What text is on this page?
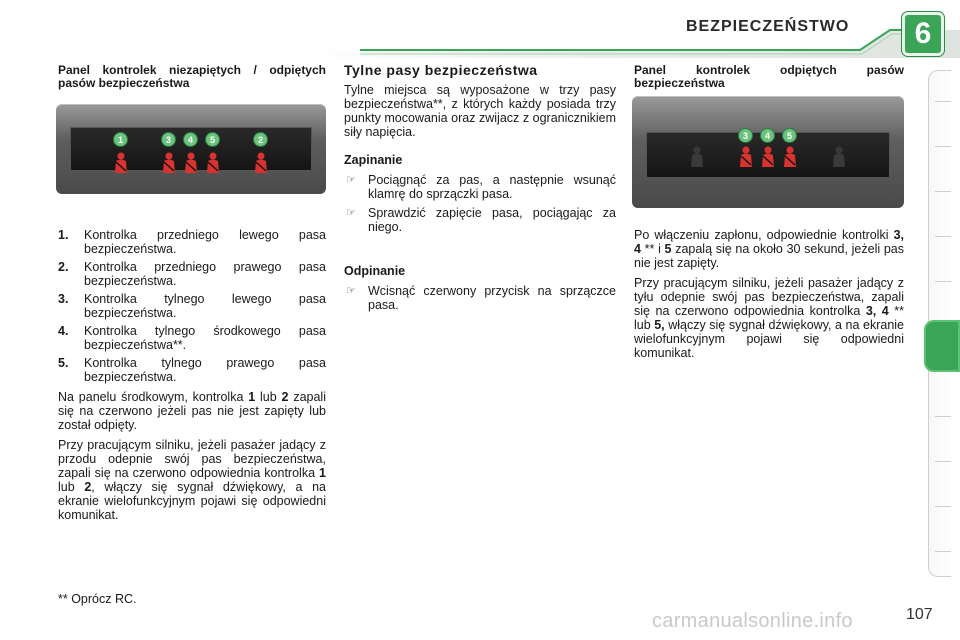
BEZPIECZEŃSTWO	6

Panel kontrolek niezapiętych / odpiętych pasów bezpieczeństwa

1	3	4	5	2
1. Kontrolka przedniego lewego pasa bezpieczeństwa.
2. Kontrolka przedniego prawego pasa bezpieczeństwa.
3. Kontrolka tylnego lewego pasa bezpieczeństwa.
4. Kontrolka tylnego środkowego pasa bezpieczeństwa**.
5. Kontrolka tylnego prawego pasa bezpieczeństwa.

Na panelu środkowym, kontrolka 1 lub 2 zapali się na czerwono jeżeli pas nie jest zapięty lub został odpięty.

Przy pracującym silniku, jeżeli pasażer jadący z przodu odepnie swój pas bezpieczeństwa, zapali się na czerwono odpowiednia kontrolka 1 lub 2, włączy się sygnał dźwiękowy, a na ekranie wielofunkcyjnym pojawi się odpowiedni komunikat.

Tylne pasy bezpieczeństwa

Tylne miejsca są wyposażone w trzy pasy bezpieczeństwa**, z których każdy posiada trzy punkty mocowania oraz zwijacz z ogranicznikiem siły napięcia.

Zapinanie

☞ Pociągnąć za pas, a następnie wsunąć klamrę do sprzączki pasa.
☞ Sprawdzić zapięcie pasa, pociągając za niego.

Odpinanie

☞ Wcisnąć czerwony przycisk na sprzączce pasa.

Panel kontrolek odpiętych pasów bezpieczeństwa

3	4	5

Po włączeniu zapłonu, odpowiednie kontrolki 3, 4 ** i 5 zapalą się na około 30 sekund, jeżeli pas nie jest zapięty.

Przy pracującym silniku, jeżeli pasażer jadący z tyłu odepnie swój pas bezpieczeństwa, zapali się na czerwono odpowiednia kontrolka 3, 4 ** lub 5, włączy się sygnał dźwiękowy, a na ekranie wielofunkcyjnym pojawi się odpowiedni komunikat.

** Oprócz RC.
carmanualsonline.info	107
